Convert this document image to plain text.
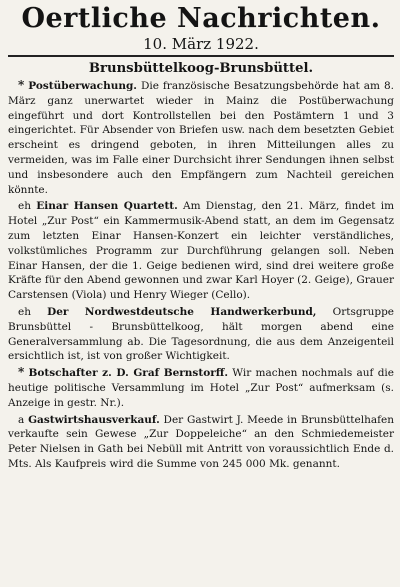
Oertliche Nachrichten.
10. März 1922.
Brunsbüttelkoog-Brunsbüttel.

* Postüberwachung. Die französische Besatzungsbehörde hat am 8. März ganz unerwartet wieder in Mainz die Postüberwachung eingeführt und dort Kontrollstellen bei den Postämtern 1 und 3 eingerichtet. Für Absender von Briefen usw. nach dem besetzten Gebiet erscheint es dringend geboten, in ihren Mitteilungen alles zu vermeiden, was im Falle einer Durchsicht ihrer Sendungen ihnen selbst und insbesondere auch den Empfängern zum Nachteil gereichen könnte.

eh Einar Hansen Quartett. Am Dienstag, den 21. März, findet im Hotel „Zur Post“ ein Kammermusik-Abend statt, an dem im Gegensatz zum letzten Einar Hansen-Konzert ein leichter verständliches, volkstümliches Programm zur Durchführung gelangen soll. Neben Einar Hansen, der die 1. Geige bedienen wird, sind drei weitere große Kräfte für den Abend gewonnen und zwar Karl Hoyer (2. Geige), Grauer Carstensen (Viola) und Henry Wieger (Cello).

eh Der Nordwestdeutsche Handwerkerbund, Ortsgruppe Brunsbüttel - Brunsbüttelkoog, hält morgen abend eine Generalversammlung ab. Die Tagesordnung, die aus dem Anzeigenteil ersichtlich ist, ist von großer Wichtigkeit.

* Botschafter z. D. Graf Bernstorff. Wir machen nochmals auf die heutige politische Versammlung im Hotel „Zur Post“ aufmerksam (s. Anzeige in gestr. Nr.).

a Gastwirtshausverkauf. Der Gastwirt J. Meede in Brunsbüttelhafen verkaufte sein Gewese „Zur Doppeleiche“ an den Schmiedemeister Peter Nielsen in Gath bei Nebüll mit Antritt von voraussichtlich Ende d. Mts. Als Kaufpreis wird die Summe von 245 000 Mk. genannt.
